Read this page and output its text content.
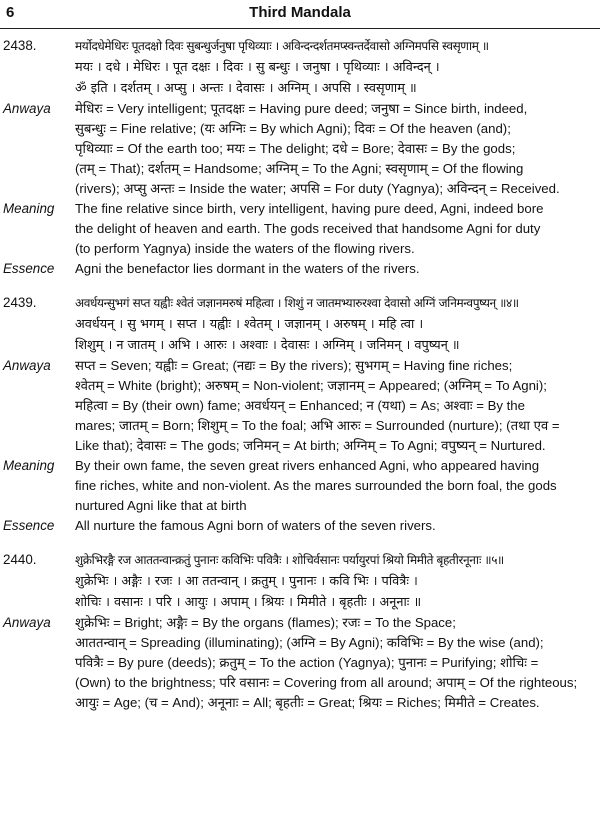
6	Third Mandala
2438.	मर्योदधेमेधिरः पूतदक्षो दिवः सुबन्धुर्जनुषा पृथिव्याः । अविन्दन्दर्शतमप्स्वन्तर्देवासो अग्निमपसि स्वसृणाम् ॥
मयः । दधे । मेधिरः । पूत दक्षः । दिवः । सु बन्धुः । जनुषा । पृथिव्याः । अविन्दन् ।
ॐ इति । दर्शतम् । अप्सु । अन्तः । देवासः । अग्निम् । अपसि । स्वसृणाम् ॥
Anwaya	मेधिरः = Very intelligent; पूतदक्षः = Having pure deed; जनुषा = Since birth, indeed,
सुबन्धुः = Fine relative; (यः अग्निः = By which Agni); दिवः = Of the heaven (and);
पृथिव्याः = Of the earth too; मयः = The delight; दधे = Bore; देवासः = By the gods;
(तम् = That); दर्शतम् = Handsome; अग्निम् = To the Agni; स्वसृणाम् = Of the flowing
(rivers); अप्सु अन्तः = Inside the water; अपसि = For duty (Yagnya); अविन्दन् = Received.
Meaning	The fine relative since birth, very intelligent, having pure deed, Agni, indeed bore
the delight of heaven and earth. The gods received that handsome Agni for duty
(to perform Yagnya) inside the waters of the flowing rivers.
Essence	Agni the benefactor lies dormant in the waters of the rivers.
2439.	अवर्धयन्सुभगं सप्त यह्वीः श्वेतं जज्ञानमरुषं महित्वा । शिशुं न जातमभ्यारुरश्वा देवासो अग्निं जनिमन्वपुष्यन् ॥४॥
अवर्धयन् । सु भगम् । सप्त । यह्वीः । श्वेतम् । जज्ञानम् । अरुषम् । महि त्वा ।
शिशुम् । न जातम् । अभि । आरुः । अश्वाः । देवासः । अग्निम् । जनिमन् । वपुष्यन् ॥
Anwaya	सप्त = Seven; यह्वीः = Great; (नद्यः = By the rivers); सुभगम् = Having fine riches;
श्वेतम् = White (bright); अरुषम् = Non-violent; जज्ञानम् = Appeared; (अग्निम् = To Agni);
महित्वा = By (their own) fame; अवर्धयन् = Enhanced; न (यथा) = As; अश्वाः = By the
mares; जातम् = Born; शिशुम् = To the foal; अभि आरुः = Surrounded (nurture); (तथा एव =
Like that); देवासः = The gods; जनिमन् = At birth; अग्निम् = To Agni; वपुष्यन् = Nurtured.
Meaning	By their own fame, the seven great rivers enhanced Agni, who appeared having
fine riches, white and non-violent. As the mares surrounded the born foal, the gods
nurtured Agni like that at birth
Essence	All nurture the famous Agni born of waters of the seven rivers.
2440.	शुक्रेभिरङ्गै रज आततन्वान्क्रतुं पुनानः कविभिः पवित्रैः । शोचिर्वसानः पर्यायुरपां श्रियो मिमीते बृहतीरनूनाः ॥५॥
शुक्रेभिः । अङ्गैः । रजः । आ ततन्वान् । क्रतुम् । पुनानः । कवि भिः । पवित्रैः ।
शोचिः । वसानः । परि । आयुः । अपाम् । श्रियः । मिमीते । बृहतीः । अनूनाः ॥
Anwaya	शुक्रेभिः = Bright; अङ्गैः = By the organs (flames); रजः = To the Space;
आततन्वान् = Spreading (illuminating); (अग्नि = By Agni); कविभिः = By the wise (and);
पवित्रैः = By pure (deeds); क्रतुम् = To the action (Yagnya); पुनानः = Purifying; शोचिः =
(Own) to the brightness; परि वसानः = Covering from all around; अपाम् = Of the righteous;
आयुः = Age; (च = And); अनूनाः = All; बृहतीः = Great; श्रियः = Riches; मिमीते = Creates.
